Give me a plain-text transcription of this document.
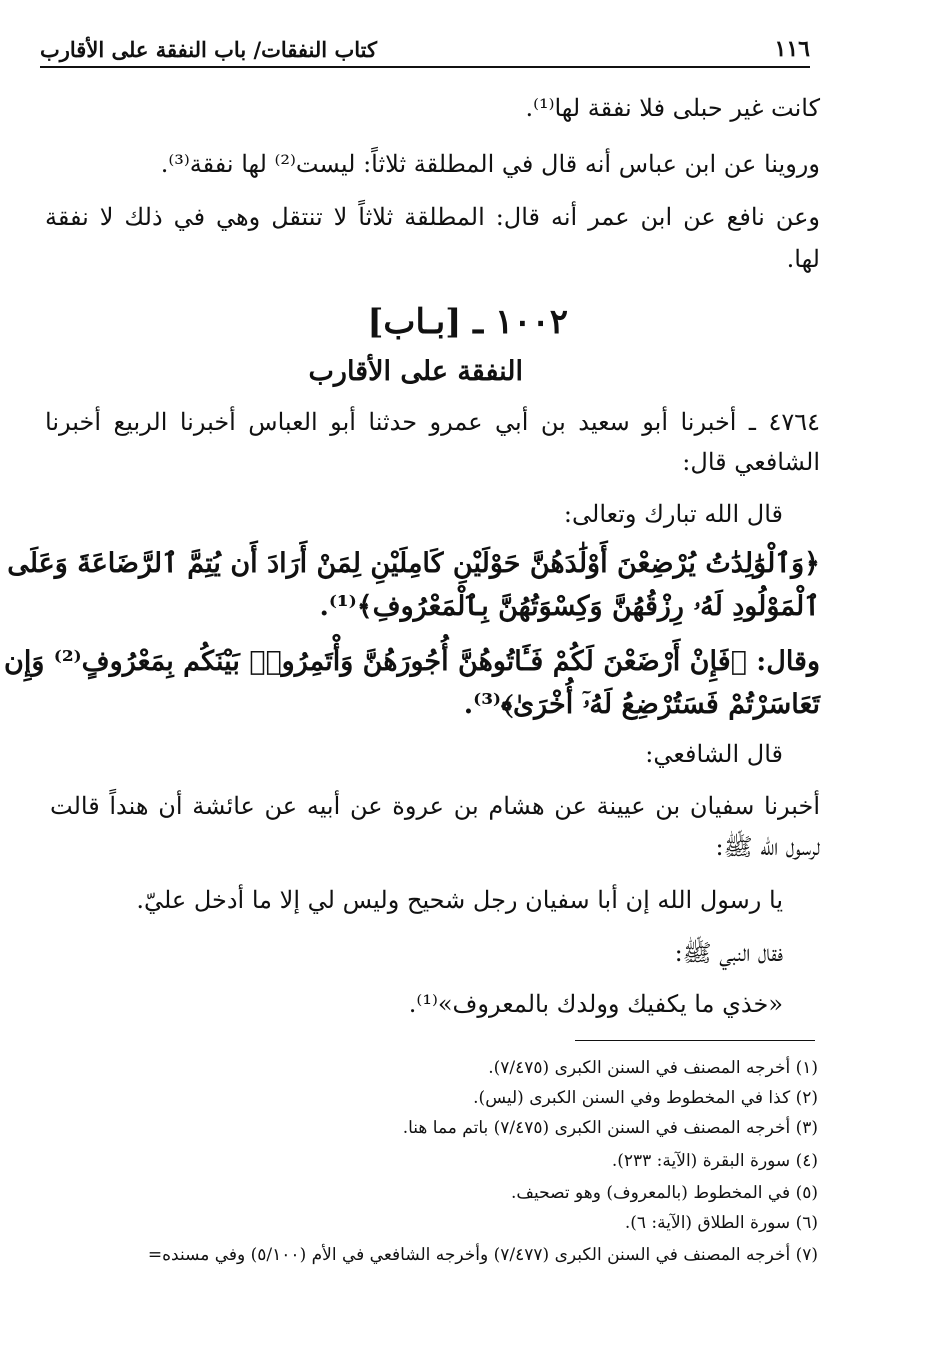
كتاب النفقات/ باب النفقة على الأقارب	١١٦
كانت غير حبلى فلا نفقة لها⁽¹⁾.
وروينا عن ابن عباس أنه قال في المطلقة ثلاثاً: ليست⁽²⁾ لها نفقة⁽³⁾.
وعن نافع عن ابن عمر أنه قال: المطلقة ثلاثاً لا تنتقل وهي في ذلك لا نفقة
لها.
١٠٠٢ ـ [بـاب]
النفقة على الأقارب
٤٧٦٤ ـ أخبرنا أبو سعيد بن أبي عمرو حدثنا أبو العباس أخبرنا الربيع أخبرنا
الشافعي قال:
قال الله تبارك وتعالى:
﴿وَٱلْوَٰلِدَٰتُ يُرْضِعْنَ أَوْلَٰدَهُنَّ حَوْلَيْنِ كَامِلَيْنِ لِمَنْ أَرَادَ أَن يُتِمَّ ٱلرَّضَاعَةَ وَعَلَى
ٱلْمَوْلُودِ لَهُۥ رِزْقُهُنَّ وَكِسْوَتُهُنَّ بِٱلْمَعْرُوفِ﴾⁽¹⁾.
وقال: ﴿فَإِنْ أَرْضَعْنَ لَكُمْ فَـَٔاتُوهُنَّ أُجُورَهُنَّ وَأْتَمِرُوا۟ بَيْنَكُم بِمَعْرُوفٍ⁽²⁾ وَإِن
تَعَاسَرْتُمْ فَسَتُرْضِعُ لَهُۥٓ أُخْرَىٰ﴾⁽³⁾.
قال الشافعي:
أخبرنا سفيان بن عيينة عن هشام بن عروة عن أبيه عن عائشة أن هنداً قالت
لرسول الله ﷺ:
يا رسول الله إن أبا سفيان رجل شحيح وليس لي إلا ما أدخل عليّ.
فقال النبي ﷺ:
«خذي ما يكفيك وولدك بالمعروف»⁽¹⁾.
(١) أخرجه المصنف في السنن الكبرى (٧/٤٧٥).
(٢) كذا في المخطوط وفي السنن الكبرى (ليس).
(٣) أخرجه المصنف في السنن الكبرى (٧/٤٧٥) باتم مما هنا.
(٤) سورة البقرة (الآية: ٢٣٣).
(٥) في المخطوط (بالمعروف) وهو تصحيف.
(٦) سورة الطلاق (الآية: ٦).
(٧) أخرجه المصنف في السنن الكبرى (٧/٤٧٧) وأخرجه الشافعي في الأم (٥/١٠٠) وفي مسنده=
